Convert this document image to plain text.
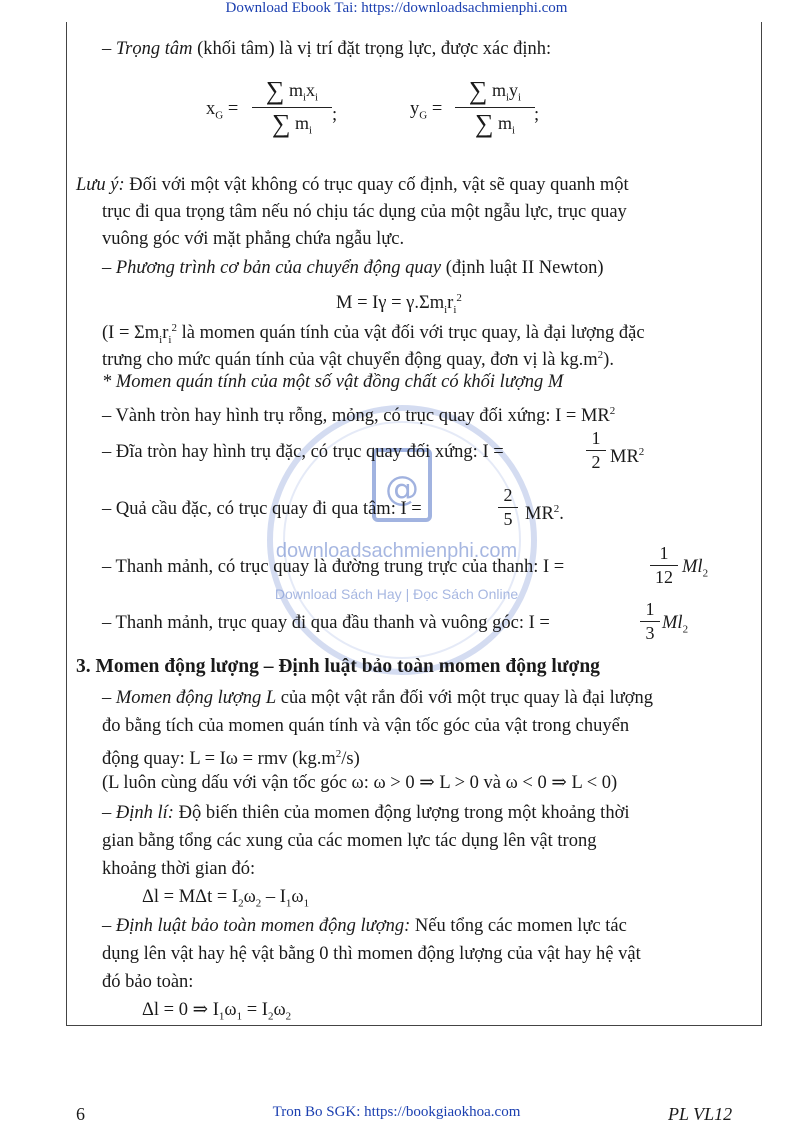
Download Ebook Tai: https://downloadsachmienphi.com
@
downloadsachmienphi.com
Download Sách Hay | Đọc Sách Online
– Trọng tâm (khối tâm) là vị trí đặt trọng lực, được xác định:
$x_G$ =
∑ $m_ix_i$
∑ $m_i$
;	$y_G$ =
∑ $m_iy_i$
∑ $m_i$
;
Lưu ý: Đối với một vật không có trục quay cố định, vật sẽ quay quanh một
trục đi qua trọng tâm nếu nó chịu tác dụng của một ngẫu lực, trục quay
vuông góc với mặt phẳng chứa ngẫu lực.
– Phương trình cơ bản của chuyển động quay (định luật II Newton)
$M = I\gamma = \gamma.\Sigma m_ir_i^2$
($I = \Sigma m_ir_i^2$ là momen quán tính của vật đối với trục quay, là đại lượng đặc
trưng cho mức quán tính của vật chuyển động quay, đơn vị là $kg.m^2$).
* Momen quán tính của một số vật đồng chất có khối lượng M
– Vành tròn hay hình trụ rỗng, mỏng, có trục quay đối xứng: $I = MR^2$
– Đĩa tròn hay hình trụ đặc, có trục quay đối xứng: I =	$\frac{1}{2} MR^2$
– Quả cầu đặc, có trục quay đi qua tâm: I =	$\frac{2}{5} MR^2$.
– Thanh mảnh, có trục quay là đường trung trực của thanh: I =	$\frac{1}{12} Ml_2$
– Thanh mảnh, trục quay đi qua đầu thanh và vuông góc: I =	$\frac{1}{3} Ml_2$
3. Momen động lượng – Định luật bảo toàn momen động lượng
– Momen động lượng L của một vật rắn đối với một trục quay là đại lượng
đo bằng tích của momen quán tính và vận tốc góc của vật trong chuyển
động quay: L = Iω = rmv $(kg.m^2/s)$
(L luôn cùng dấu với vận tốc góc ω: ω > 0 ⇒ L > 0 và ω < 0 ⇒ L < 0)
– Định lí: Độ biến thiên của momen động lượng trong một khoảng thời
gian bằng tổng các xung của các momen lực tác dụng lên vật trong
khoảng thời gian đó:
$\Delta l = M\Delta t = I_2\omega_2 - I_1\omega_1$
– Định luật bảo toàn momen động lượng: Nếu tổng các momen lực tác
dụng lên vật hay hệ vật bằng 0 thì momen động lượng của vật hay hệ vật
đó bảo toàn:
Δl = 0 ⇒ $I_1\omega_1 = I_2\omega_2$
6	Tron Bo SGK: https://bookgiaokhoa.com	PL VL12
